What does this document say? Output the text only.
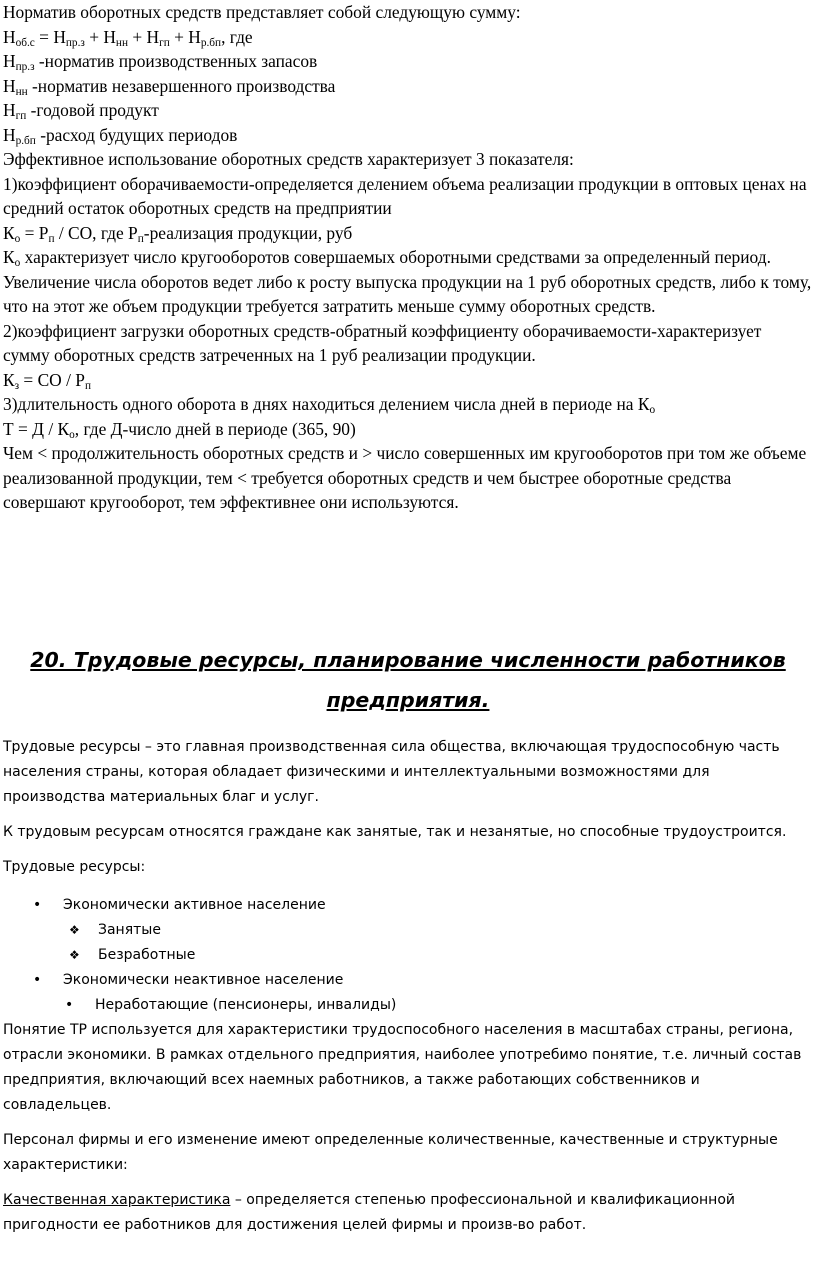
Норматив оборотных средств представляет собой следующую сумму:

$Н_{об.с} = Н_{пр.з} + Н_{нн} + Н_{гп} + Н_{р.бп}$, где

$Н_{пр.з}$ -норматив производственных запасов

$Н_{нн}$ -норматив незавершенного производства

$Н_{гп}$ -годовой продукт

$Н_{р.бп}$ -расход будущих периодов

Эффективное использование оборотных средств характеризует 3 показателя:

1)коэффициент оборачиваемости-определяется делением объема реализации продукции в оптовых ценах на средний остаток оборотных средств на предприятии

$К_о = Р_п$ / СО, где $Р_п$-реализация продукции, руб

$К_о$ характеризует число кругооборотов совершаемых оборотными средствами за определенный период. Увеличение числа оборотов ведет либо к росту выпуска продукции на 1 руб оборотных средств, либо к тому, что на этот же объем продукции требуется затратить меньше сумму оборотных средств.

2)коэффициент загрузки оборотных средств-обратный коэффициенту оборачиваемости-характеризует сумму оборотных средств затреченных на 1 руб реализации продукции.

$К_з$ = СО / $Р_п$

3)длительность одного оборота в днях находиться делением числа дней в периоде на $К_о$

$Т = Д / К_о$, где Д-число дней в периоде (365, 90)

Чем < продолжительность оборотных средств и > число совершенных им кругооборотов при том же объеме реализованной продукции, тем < требуется оборотных средств и чем быстрее оборотные средства совершают кругооборот, тем эффективнее они используются.

20. Трудовые ресурсы, планирование численности работников предприятия.

Трудовые ресурсы – это главная производственная сила общества, включающая трудоспособную часть населения страны, которая обладает физическими и интеллектуальными возможностями для производства материальных благ и услуг.

К трудовым ресурсам относятся граждане как занятые, так и незанятые, но способные трудоустроится.

Трудовые ресурсы:

• Экономически активное население
❖ Занятые
❖ Безработные
• Экономически неактивное население
• Неработающие (пенсионеры, инвалиды)

Понятие ТР используется для характеристики трудоспособного населения в масштабах страны, региона, отрасли экономики. В рамках отдельного предприятия, наиболее употребимо понятие, т.е. личный состав предприятия, включающий всех наемных работников, а также работающих собственников и совладельцев.

Персонал фирмы и его изменение имеют определенные количественные, качественные и структурные характеристики:

Качественная характеристика – определяется степенью профессиональной и квалификационной пригодности ее работников для достижения целей фирмы и произв-во работ.
